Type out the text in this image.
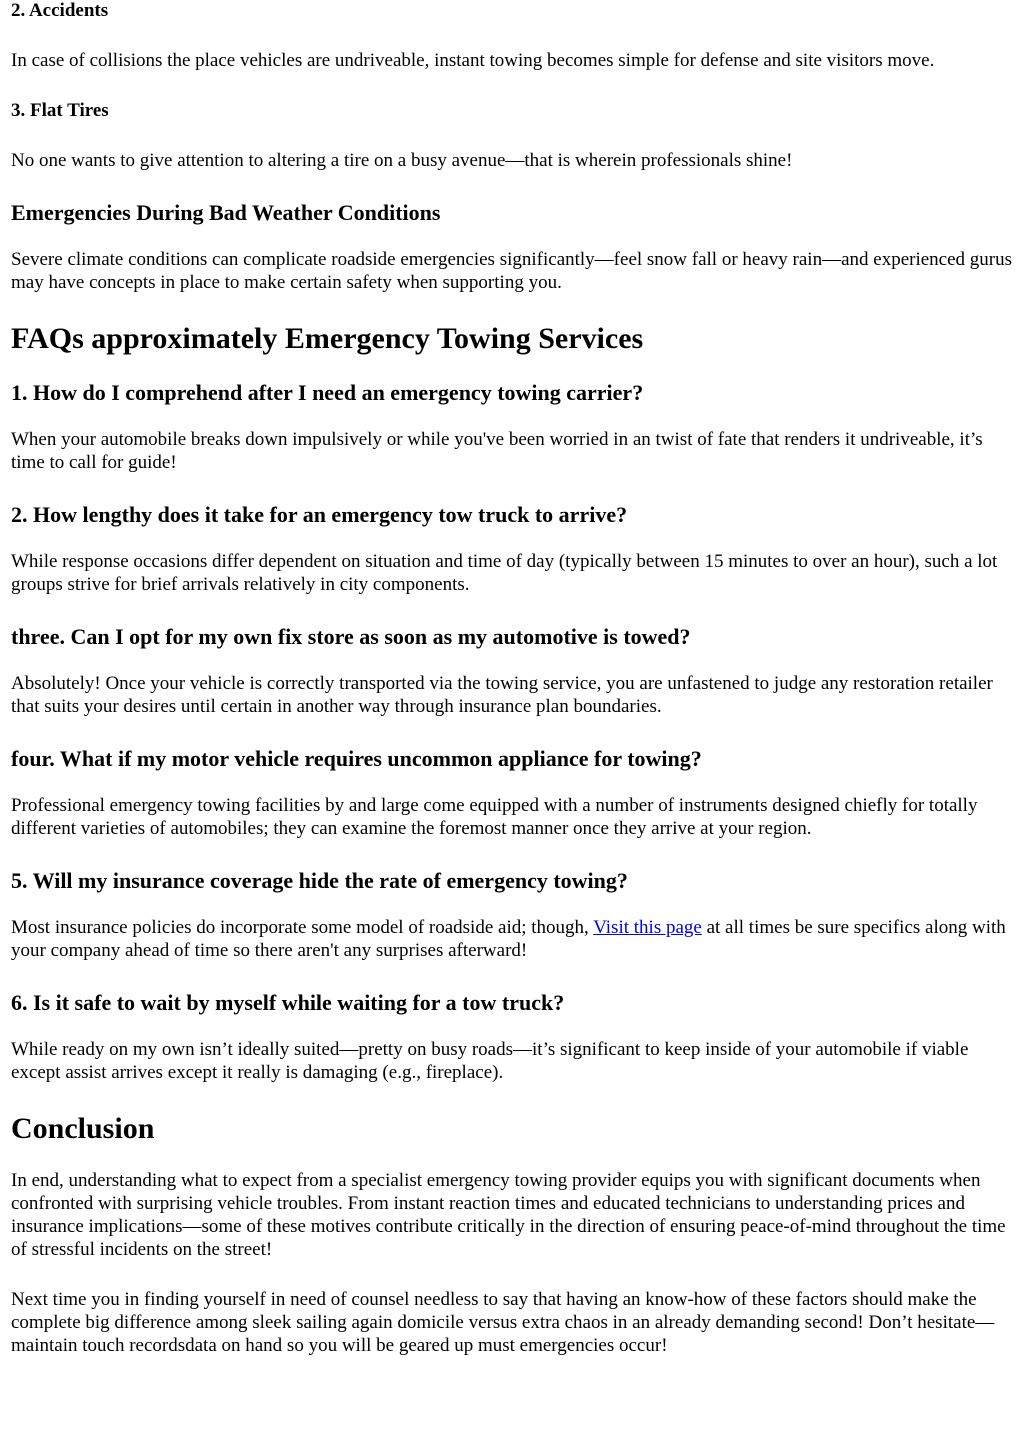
2. Accidents

In case of collisions the place vehicles are undriveable, instant towing becomes simple for defense and site visitors move.

3. Flat Tires

No one wants to give attention to altering a tire on a busy avenue—that is wherein professionals shine!

Emergencies During Bad Weather Conditions

Severe climate conditions can complicate roadside emergencies significantly—feel snow fall or heavy rain—and experienced gurus may have concepts in place to make certain safety when supporting you.

FAQs approximately Emergency Towing Services
1. How do I comprehend after I need an emergency towing carrier?

When your automobile breaks down impulsively or while you've been worried in an twist of fate that renders it undriveable, it’s time to call for guide!

2. How lengthy does it take for an emergency tow truck to arrive?

While response occasions differ dependent on situation and time of day (typically between 15 minutes to over an hour), such a lot groups strive for brief arrivals relatively in city components.

three. Can I opt for my own fix store as soon as my automotive is towed?

Absolutely! Once your vehicle is correctly transported via the towing service, you are unfastened to judge any restoration retailer that suits your desires until certain in another way through insurance plan boundaries.

four. What if my motor vehicle requires uncommon appliance for towing?

Professional emergency towing facilities by and large come equipped with a number of instruments designed chiefly for totally different varieties of automobiles; they can examine the foremost manner once they arrive at your region.

5. Will my insurance coverage hide the rate of emergency towing?

Most insurance policies do incorporate some model of roadside aid; though, Visit this page at all times be sure specifics along with your company ahead of time so there aren't any surprises afterward!

6. Is it safe to wait by myself while waiting for a tow truck?

While ready on my own isn’t ideally suited—pretty on busy roads—it’s significant to keep inside of your automobile if viable except assist arrives except it really is damaging (e.g., fireplace).

Conclusion

In end, understanding what to expect from a specialist emergency towing provider equips you with significant documents when confronted with surprising vehicle troubles. From instant reaction times and educated technicians to understanding prices and insurance implications—some of these motives contribute critically in the direction of ensuring peace-of-mind throughout the time of stressful incidents on the street!

Next time you in finding yourself in need of counsel needless to say that having an know-how of these factors should make the complete big difference among sleek sailing again domicile versus extra chaos in an already demanding second! Don’t hesitate—maintain touch recordsdata on hand so you will be geared up must emergencies occur!
